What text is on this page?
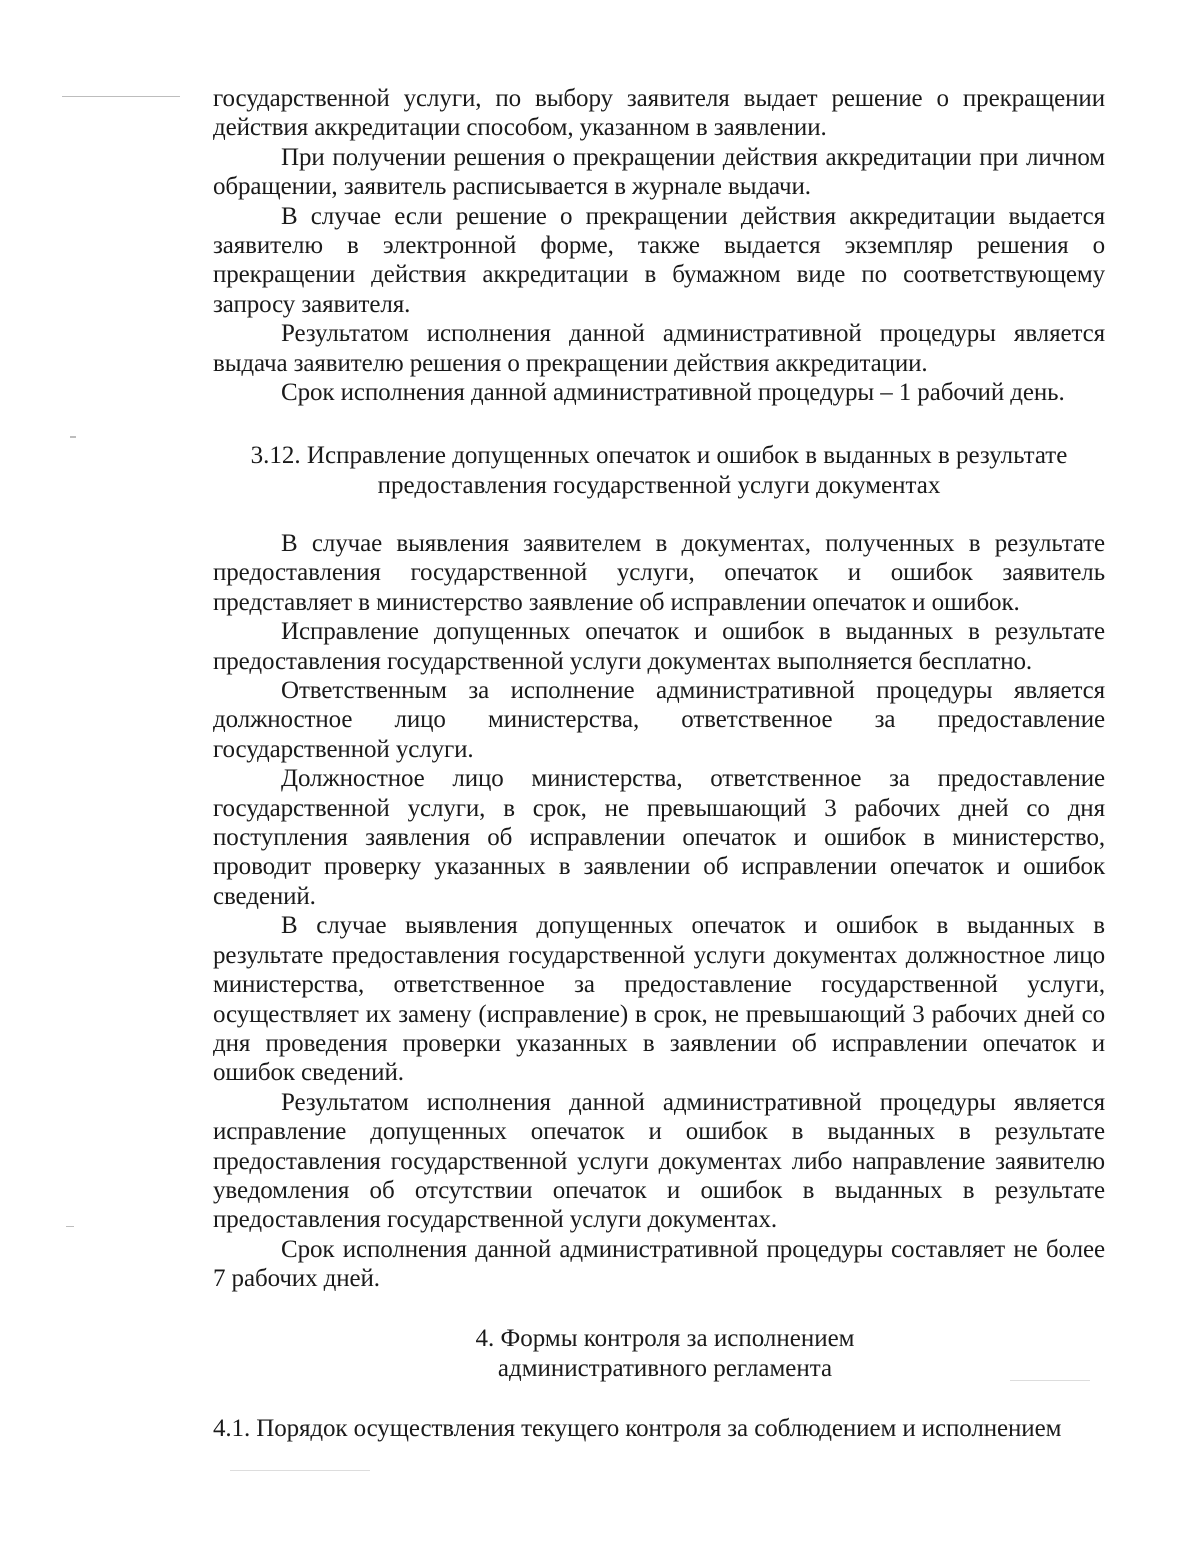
государственной услуги, по выбору заявителя выдает решение о прекращении действия аккредитации способом, указанном в заявлении.

При получении решения о прекращении действия аккредитации при личном обращении, заявитель расписывается в журнале выдачи.

В случае если решение о прекращении действия аккредитации выдается заявителю в электронной форме, также выдается экземпляр решения о прекращении действия аккредитации в бумажном виде по соответствующему запросу заявителя.

Результатом исполнения данной административной процедуры является выдача заявителю решения о прекращении действия аккредитации.

Срок исполнения данной административной процедуры – 1 рабочий день.

3.12. Исправление допущенных опечаток и ошибок в выданных в результате
предоставления государственной услуги документах

В случае выявления заявителем в документах, полученных в результате предоставления государственной услуги, опечаток и ошибок заявитель представляет в министерство заявление об исправлении опечаток и ошибок.

Исправление допущенных опечаток и ошибок в выданных в результате предоставления государственной услуги документах выполняется бесплатно.

Ответственным за исполнение административной процедуры является должностное лицо министерства, ответственное за предоставление государственной услуги.

Должностное лицо министерства, ответственное за предоставление государственной услуги, в срок, не превышающий 3 рабочих дней со дня поступления заявления об исправлении опечаток и ошибок в министерство, проводит проверку указанных в заявлении об исправлении опечаток и ошибок сведений.

В случае выявления допущенных опечаток и ошибок в выданных в результате предоставления государственной услуги документах должностное лицо министерства, ответственное за предоставление государственной услуги, осуществляет их замену (исправление) в срок, не превышающий 3 рабочих дней со дня проведения проверки указанных в заявлении об исправлении опечаток и ошибок сведений.

Результатом исполнения данной административной процедуры является исправление допущенных опечаток и ошибок в выданных в результате предоставления государственной услуги документах либо направление заявителю уведомления об отсутствии опечаток и ошибок в выданных в результате предоставления государственной услуги документах.

Срок исполнения данной административной процедуры составляет не более 7 рабочих дней.

4. Формы контроля за исполнением
административного регламента

4.1. Порядок осуществления текущего контроля за соблюдением и исполнением
